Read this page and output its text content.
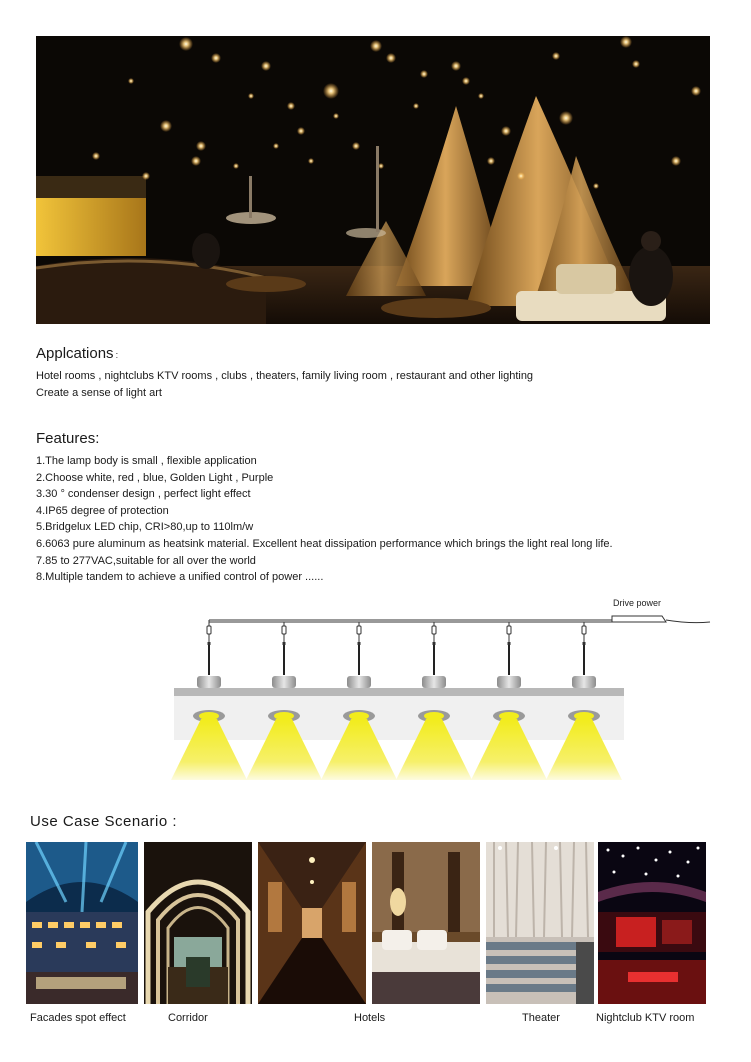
Applcations :
Hotel rooms , nightclubs KTV rooms , clubs , theaters, family living room , restaurant and other lighting
Create a sense of light art
Features:
1.The lamp body is small , flexible application
2.Choose white, red , blue, Golden Light , Purple
3.30 ° condenser design , perfect light effect
4.IP65 degree of protection
5.Bridgelux LED chip, CRI>80,up to 110lm/w
6.6063 pure aluminum as heatsink material. Excellent heat dissipation performance which brings the light real long life.
7.85 to 277VAC,suitable for all over the world
8.Multiple tandem to achieve a unified control of power ......
Drive power
Use Case Scenario :
Facades spot effect	Corridor	Hotels	Theater	Nightclub KTV room
